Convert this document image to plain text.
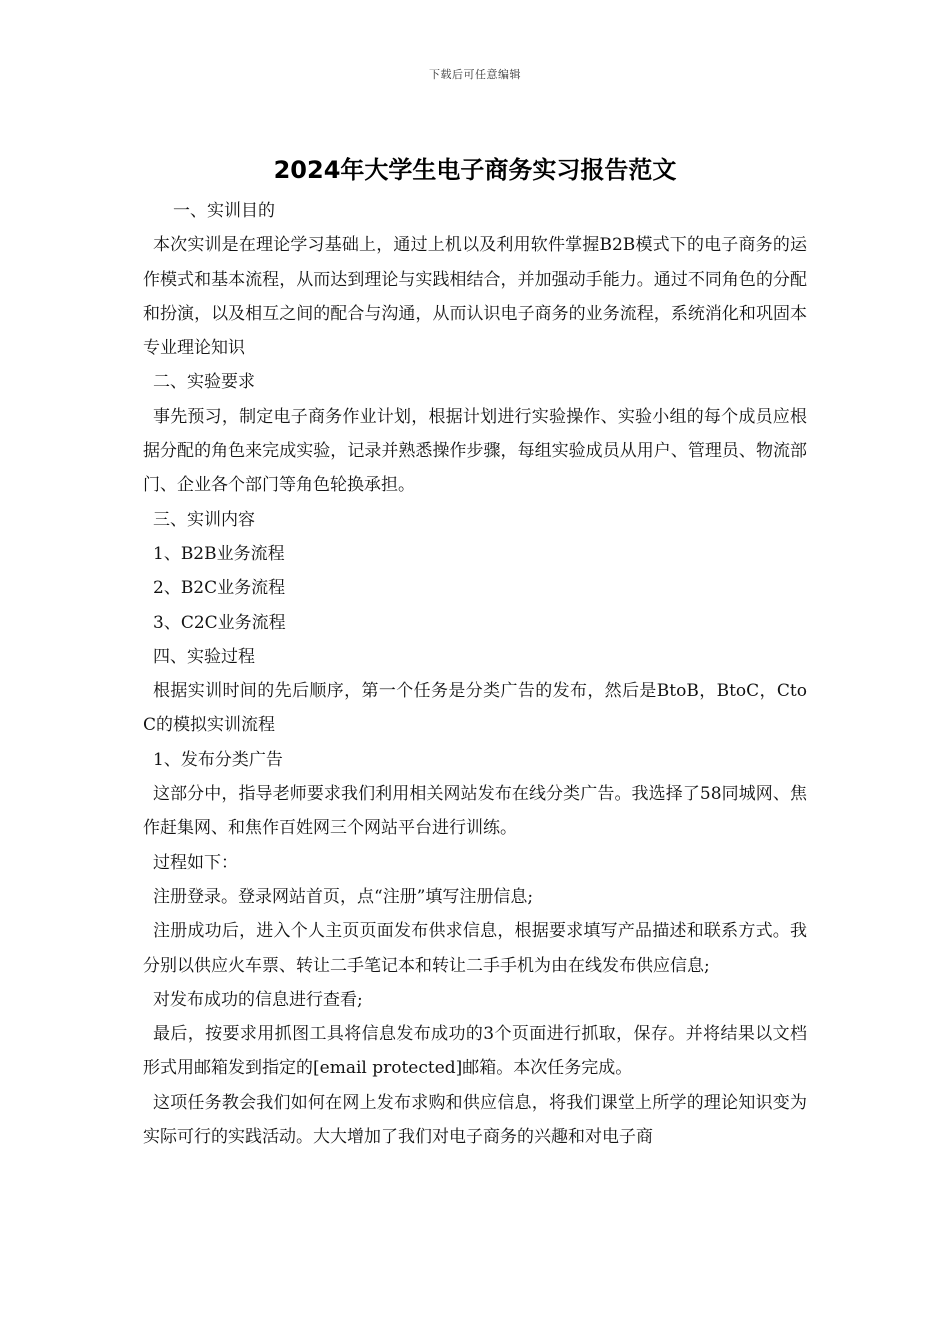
下载后可任意编辑
2024年大学生电子商务实习报告范文

一、实训目的

本次实训是在理论学习基础上，通过上机以及利用软件掌握B2B模式下的电子商务的运作模式和基本流程，从而达到理论与实践相结合，并加强动手能力。通过不同角色的分配和扮演，以及相互之间的配合与沟通，从而认识电子商务的业务流程，系统消化和巩固本专业理论知识

二、实验要求

事先预习，制定电子商务作业计划，根据计划进行实验操作、实验小组的每个成员应根据分配的角色来完成实验，记录并熟悉操作步骤，每组实验成员从用户、管理员、物流部门、企业各个部门等角色轮换承担。

三、实训内容

1、B2B业务流程

2、B2C业务流程

3、C2C业务流程

四、实验过程

根据实训时间的先后顺序，第一个任务是分类广告的发布，然后是BtoB，BtoC，CtoC的模拟实训流程

1、发布分类广告

这部分中，指导老师要求我们利用相关网站发布在线分类广告。我选择了58同城网、焦作赶集网、和焦作百姓网三个网站平台进行训练。

过程如下：

注册登录。登录网站首页，点“注册”填写注册信息;

注册成功后，进入个人主页页面发布供求信息，根据要求填写产品描述和联系方式。我分别以供应火车票、转让二手笔记本和转让二手手机为由在线发布供应信息;

对发布成功的信息进行查看;

最后，按要求用抓图工具将信息发布成功的3个页面进行抓取，保存。并将结果以文档形式用邮箱发到指定的[email protected]邮箱。本次任务完成。

这项任务教会我们如何在网上发布求购和供应信息，将我们课堂上所学的理论知识变为实际可行的实践活动。大大增加了我们对电子商务的兴趣和对电子商
